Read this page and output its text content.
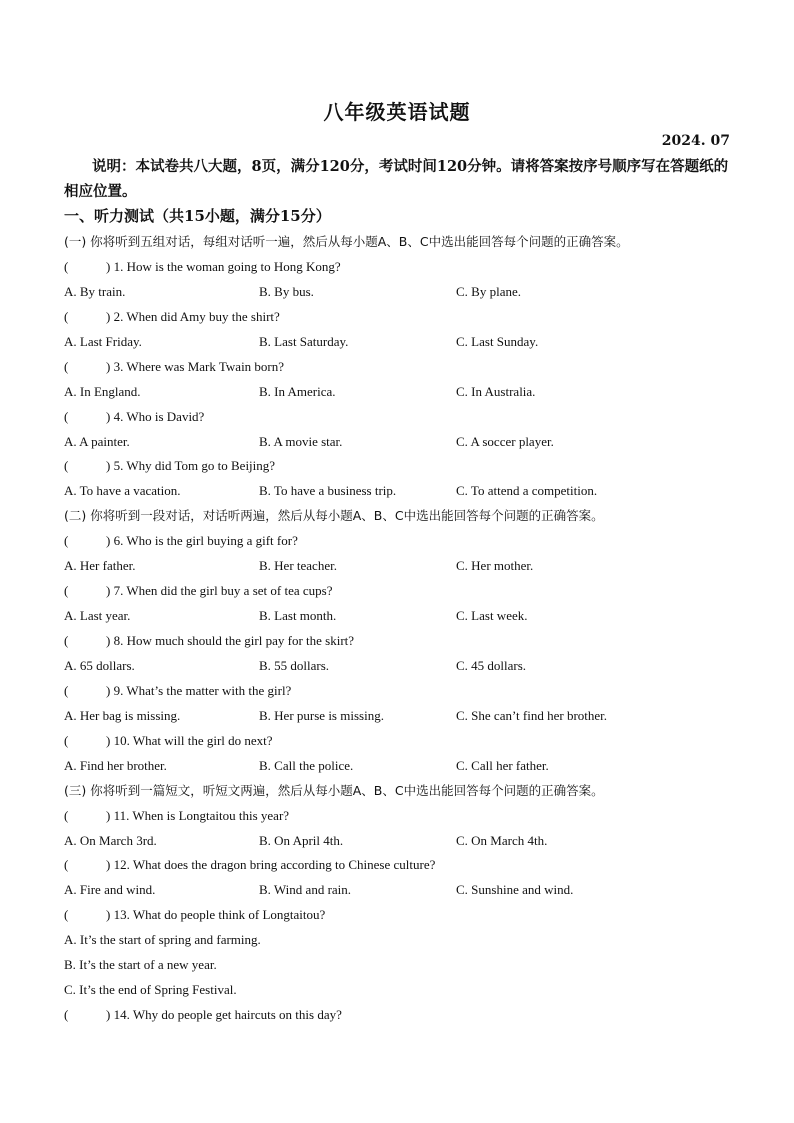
八年级英语试题
2024. 07
说明：本试卷共八大题，8页，满分120分，考试时间120分钟。请将答案按序号顺序写在答题纸的相应位置。
一、听力测试（共15小题，满分15分）
(一) 你将听到五组对话，每组对话听一遍，然后从每小题A、B、C中选出能回答每个问题的正确答案。
(	) 1. How is the woman going to Hong Kong?
A. By train.	B. By bus.	C. By plane.
(	) 2. When did Amy buy the shirt?
A. Last Friday.	B. Last Saturday.	C. Last Sunday.
(	) 3. Where was Mark Twain born?
A. In England.	B. In America.	C. In Australia.
(	) 4. Who is David?
A. A painter.	B. A movie star.	C. A soccer player.
(	) 5. Why did Tom go to Beijing?
A. To have a vacation.	B. To have a business trip.	C. To attend a competition.
(二) 你将听到一段对话，对话听两遍，然后从每小题A、B、C中选出能回答每个问题的正确答案。
(	) 6. Who is the girl buying a gift for?
A. Her father.	B. Her teacher.	C. Her mother.
(	) 7. When did the girl buy a set of tea cups?
A. Last year.	B. Last month.	C. Last week.
(	) 8. How much should the girl pay for the skirt?
A. 65 dollars.	B. 55 dollars.	C. 45 dollars.
(	) 9. What’s the matter with the girl?
A. Her bag is missing.	B. Her purse is missing.	C. She can’t find her brother.
(	) 10. What will the girl do next?
A. Find her brother.	B. Call the police.	C. Call her father.
(三) 你将听到一篇短文，听短文两遍，然后从每小题A、B、C中选出能回答每个问题的正确答案。
(	) 11. When is Longtaitou this year?
A. On March 3rd.	B. On April 4th.	C. On March 4th.
(	) 12. What does the dragon bring according to Chinese culture?
A. Fire and wind.	B. Wind and rain.	C. Sunshine and wind.
(	) 13. What do people think of Longtaitou?
A. It’s the start of spring and farming.
B. It’s the start of a new year.
C. It’s the end of Spring Festival.
(	) 14. Why do people get haircuts on this day?
